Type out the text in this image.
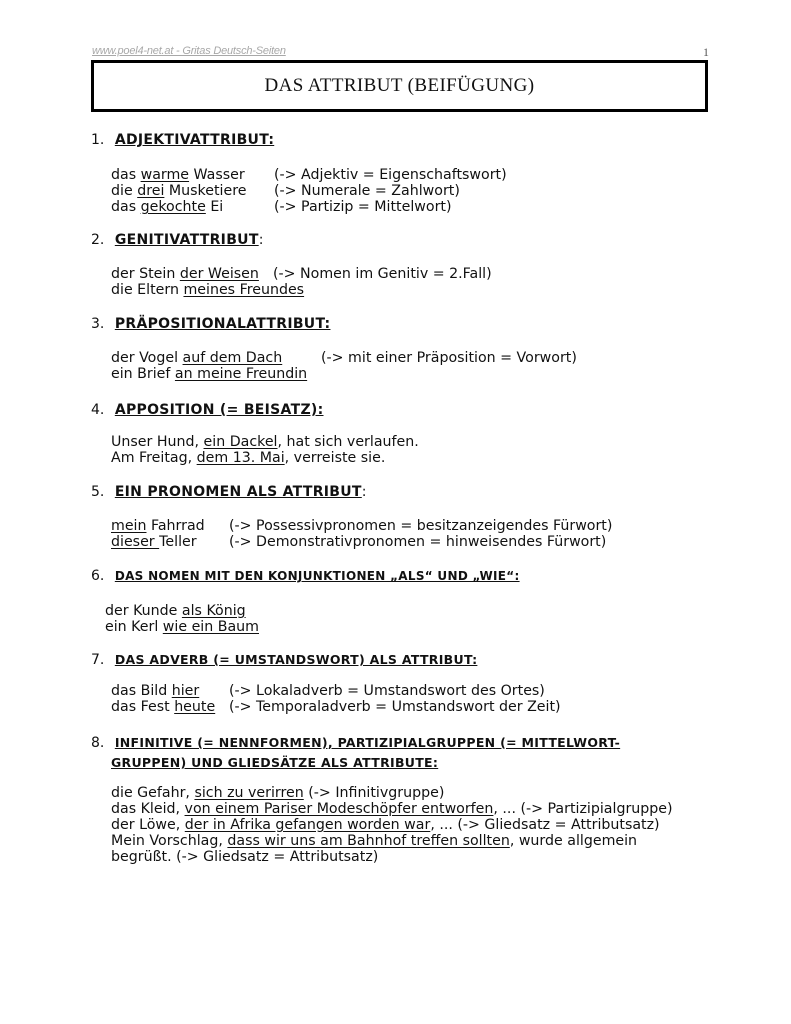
www.poel4-net.at - Gritas Deutsch-Seiten	1
DAS ATTRIBUT (BEIFÜGUNG)
1. ADJEKTIVATTRIBUT:
das warme Wasser (-> Adjektiv = Eigenschaftswort)
die drei Musketiere (-> Numerale = Zahlwort)
das gekochte Ei	(-> Partizip = Mittelwort)
2. GENITIVATTRIBUT:
der Stein der Weisen (-> Nomen im Genitiv = 2.Fall)
die Eltern meines Freundes
3. PRÄPOSITIONALATTRIBUT:
der Vogel auf dem Dach	(-> mit einer Präposition = Vorwort)
ein Brief an meine Freundin
4. APPOSITION (= BEISATZ):
Unser Hund, ein Dackel, hat sich verlaufen.
Am Freitag, dem 13. Mai, verreiste sie.
5. EIN PRONOMEN ALS ATTRIBUT:
mein Fahrrad (-> Possessivpronomen = besitzanzeigendes Fürwort)
dieser Teller (-> Demonstrativpronomen = hinweisendes Fürwort)
6. DAS NOMEN MIT DEN KONJUNKTIONEN „ALS“ UND „WIE“:
der Kunde als König
ein Kerl wie ein Baum
7. DAS ADVERB (= UMSTANDSWORT) ALS ATTRIBUT:
das Bild hier (-> Lokaladverb = Umstandswort des Ortes)
das Fest heute (-> Temporaladverb = Umstandswort der Zeit)
8. INFINITIVE (= NENNFORMEN), PARTIZIPIALGRUPPEN (= MITTELWORT-
GRUPPEN) UND GLIEDSÄTZE ALS ATTRIBUTE:
die Gefahr, sich zu verirren (-> Infinitivgruppe)
das Kleid, von einem Pariser Modeschöpfer entworfen, ... (-> Partizipialgruppe)
der Löwe, der in Afrika gefangen worden war, ... (-> Gliedsatz = Attributsatz)
Mein Vorschlag, dass wir uns am Bahnhof treffen sollten, wurde allgemein
begrüßt. (-> Gliedsatz = Attributsatz)
